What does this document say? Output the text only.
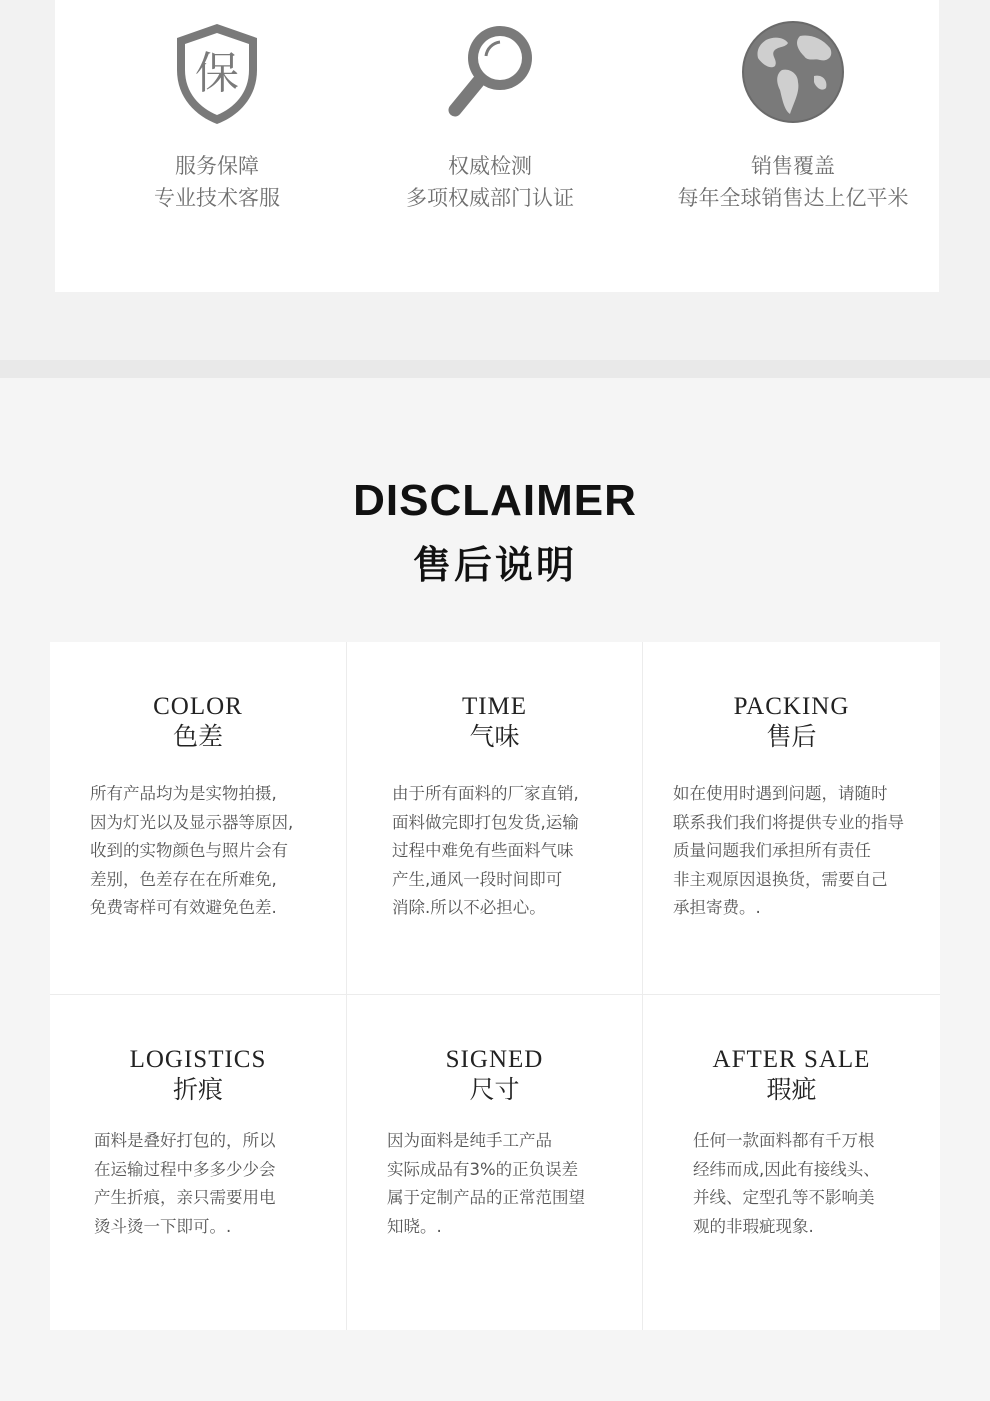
保
服务保障
专业技术客服
权威检测
多项权威部门认证
销售覆盖
每年全球销售达上亿平米
DISCLAIMER
售后说明
COLOR
色差
所有产品均为是实物拍摄,
因为灯光以及显示器等原因,
收到的实物颜色与照片会有
差别，色差存在在所难免,
免费寄样可有效避免色差.
TIME
气味
由于所有面料的厂家直销,
面料做完即打包发货,运输
过程中难免有些面料气味
产生,通风一段时间即可
消除.所以不必担心。
PACKING
售后
如在使用时遇到问题，请随时
联系我们我们将提供专业的指导
质量问题我们承担所有责任
非主观原因退换货，需要自己
承担寄费。.
LOGISTICS
折痕
面料是叠好打包的，所以
在运输过程中多多少少会
产生折痕，亲只需要用电
烫斗烫一下即可。.
SIGNED
尺寸
因为面料是纯手工产品
实际成品有3%的正负误差
属于定制产品的正常范围望
知晓。.
AFTER SALE
瑕疵
任何一款面料都有千万根
经纬而成,因此有接线头、
并线、定型孔等不影响美
观的非瑕疵现象.
